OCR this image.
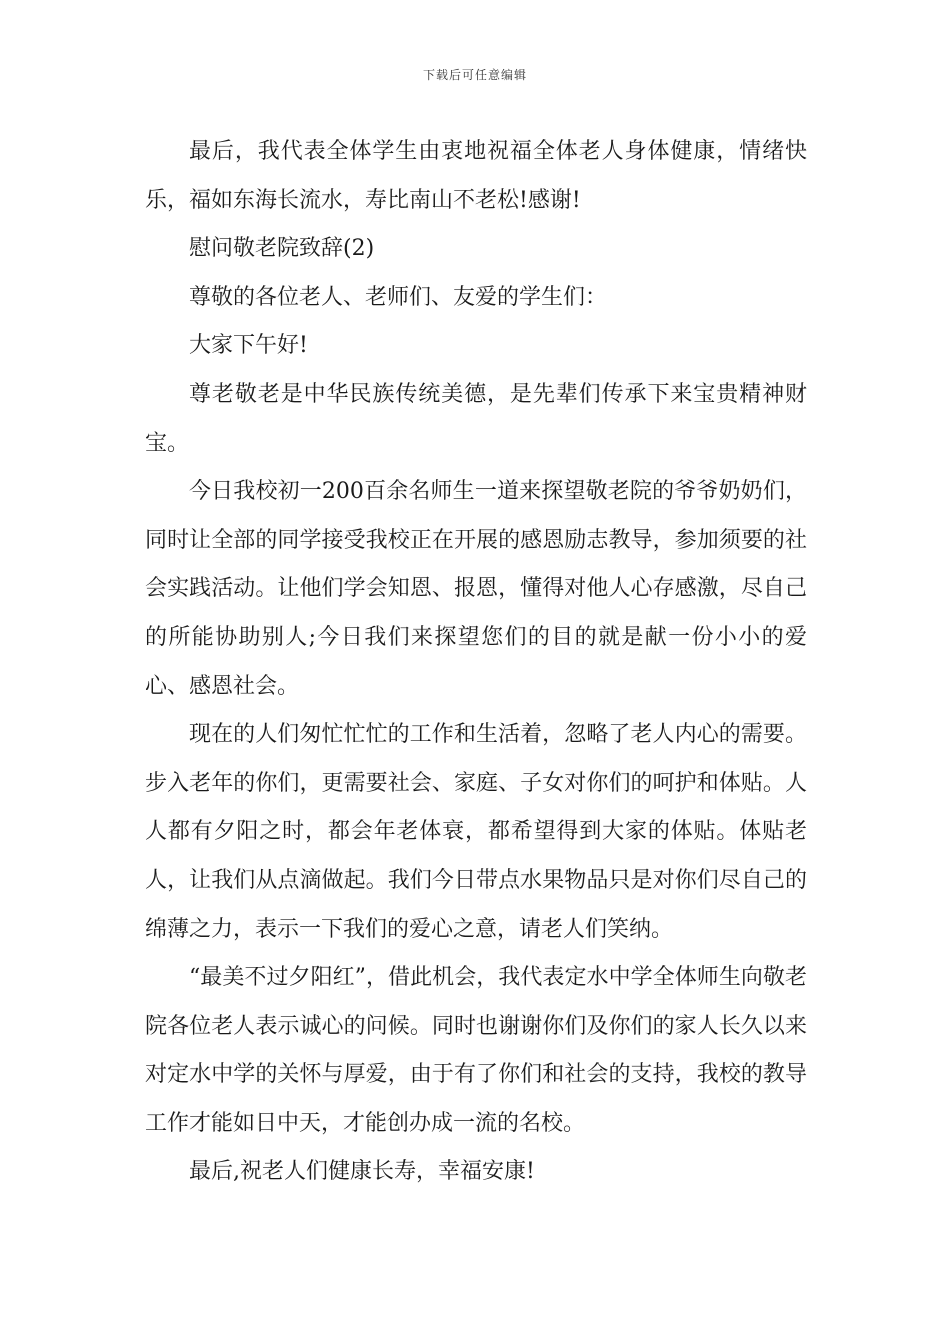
下载后可任意编辑

最后，我代表全体学生由衷地祝福全体老人身体健康，情绪快乐，福如东海长流水，寿比南山不老松!感谢!

慰问敬老院致辞(2)

尊敬的各位老人、老师们、友爱的学生们：

大家下午好!

尊老敬老是中华民族传统美德，是先辈们传承下来宝贵精神财宝。

今日我校初一200百余名师生一道来探望敬老院的爷爷奶奶们，同时让全部的同学接受我校正在开展的感恩励志教导，参加须要的社会实践活动。让他们学会知恩、报恩，懂得对他人心存感激，尽自己的所能协助别人;今日我们来探望您们的目的就是献一份小小的爱心、感恩社会。

现在的人们匆忙忙忙的工作和生活着，忽略了老人内心的需要。步入老年的你们，更需要社会、家庭、子女对你们的呵护和体贴。人人都有夕阳之时，都会年老体衰，都希望得到大家的体贴。体贴老人，让我们从点滴做起。我们今日带点水果物品只是对你们尽自己的绵薄之力，表示一下我们的爱心之意，请老人们笑纳。

“最美不过夕阳红”，借此机会，我代表定水中学全体师生向敬老院各位老人表示诚心的问候。同时也谢谢你们及你们的家人长久以来对定水中学的关怀与厚爱，由于有了你们和社会的支持，我校的教导工作才能如日中天，才能创办成一流的名校。

最后,祝老人们健康长寿，幸福安康!
